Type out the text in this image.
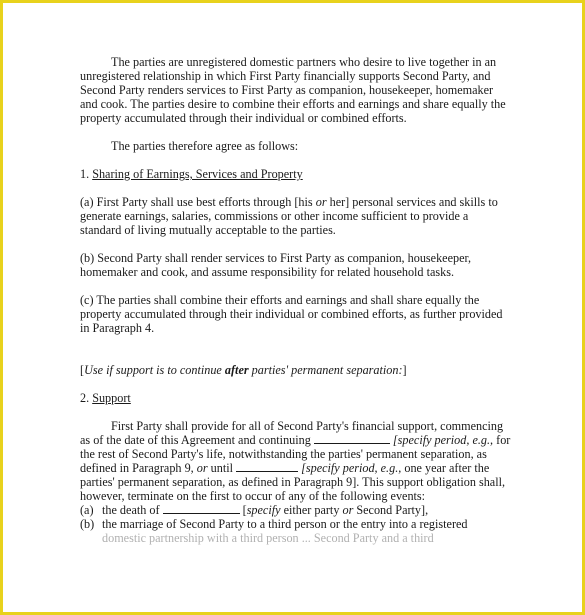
The parties are unregistered domestic partners who desire to live together in an unregistered relationship in which First Party financially supports Second Party, and Second Party renders services to First Party as companion, housekeeper, homemaker and cook. The parties desire to combine their efforts and earnings and share equally the property accumulated through their individual or combined efforts.

The parties therefore agree as follows:

1. Sharing of Earnings, Services and Property

(a) First Party shall use best efforts through [his or her] personal services and skills to generate earnings, salaries, commissions or other income sufficient to provide a standard of living mutually acceptable to the parties.

(b) Second Party shall render services to First Party as companion, housekeeper, homemaker and cook, and assume responsibility for related household tasks.

(c) The parties shall combine their efforts and earnings and shall share equally the property accumulated through their individual or combined efforts, as further provided in Paragraph 4.

[Use if support is to continue after parties' permanent separation:]

2. Support

First Party shall provide for all of Second Party's financial support, commencing as of the date of this Agreement and continuing	[specify period, e.g., for the rest of Second Party's life, notwithstanding the parties' permanent separation, as defined in Paragraph 9, or until	[specify period, e.g., one year after the parties' permanent separation, as defined in Paragraph 9]. This support obligation shall, however, terminate on the first to occur of any of the following events:

(a) the death of	[specify either party or Second Party],
(b) the marriage of Second Party to a third person or the entry into a registered
domestic partnership with a third person ... Second Party and a third
